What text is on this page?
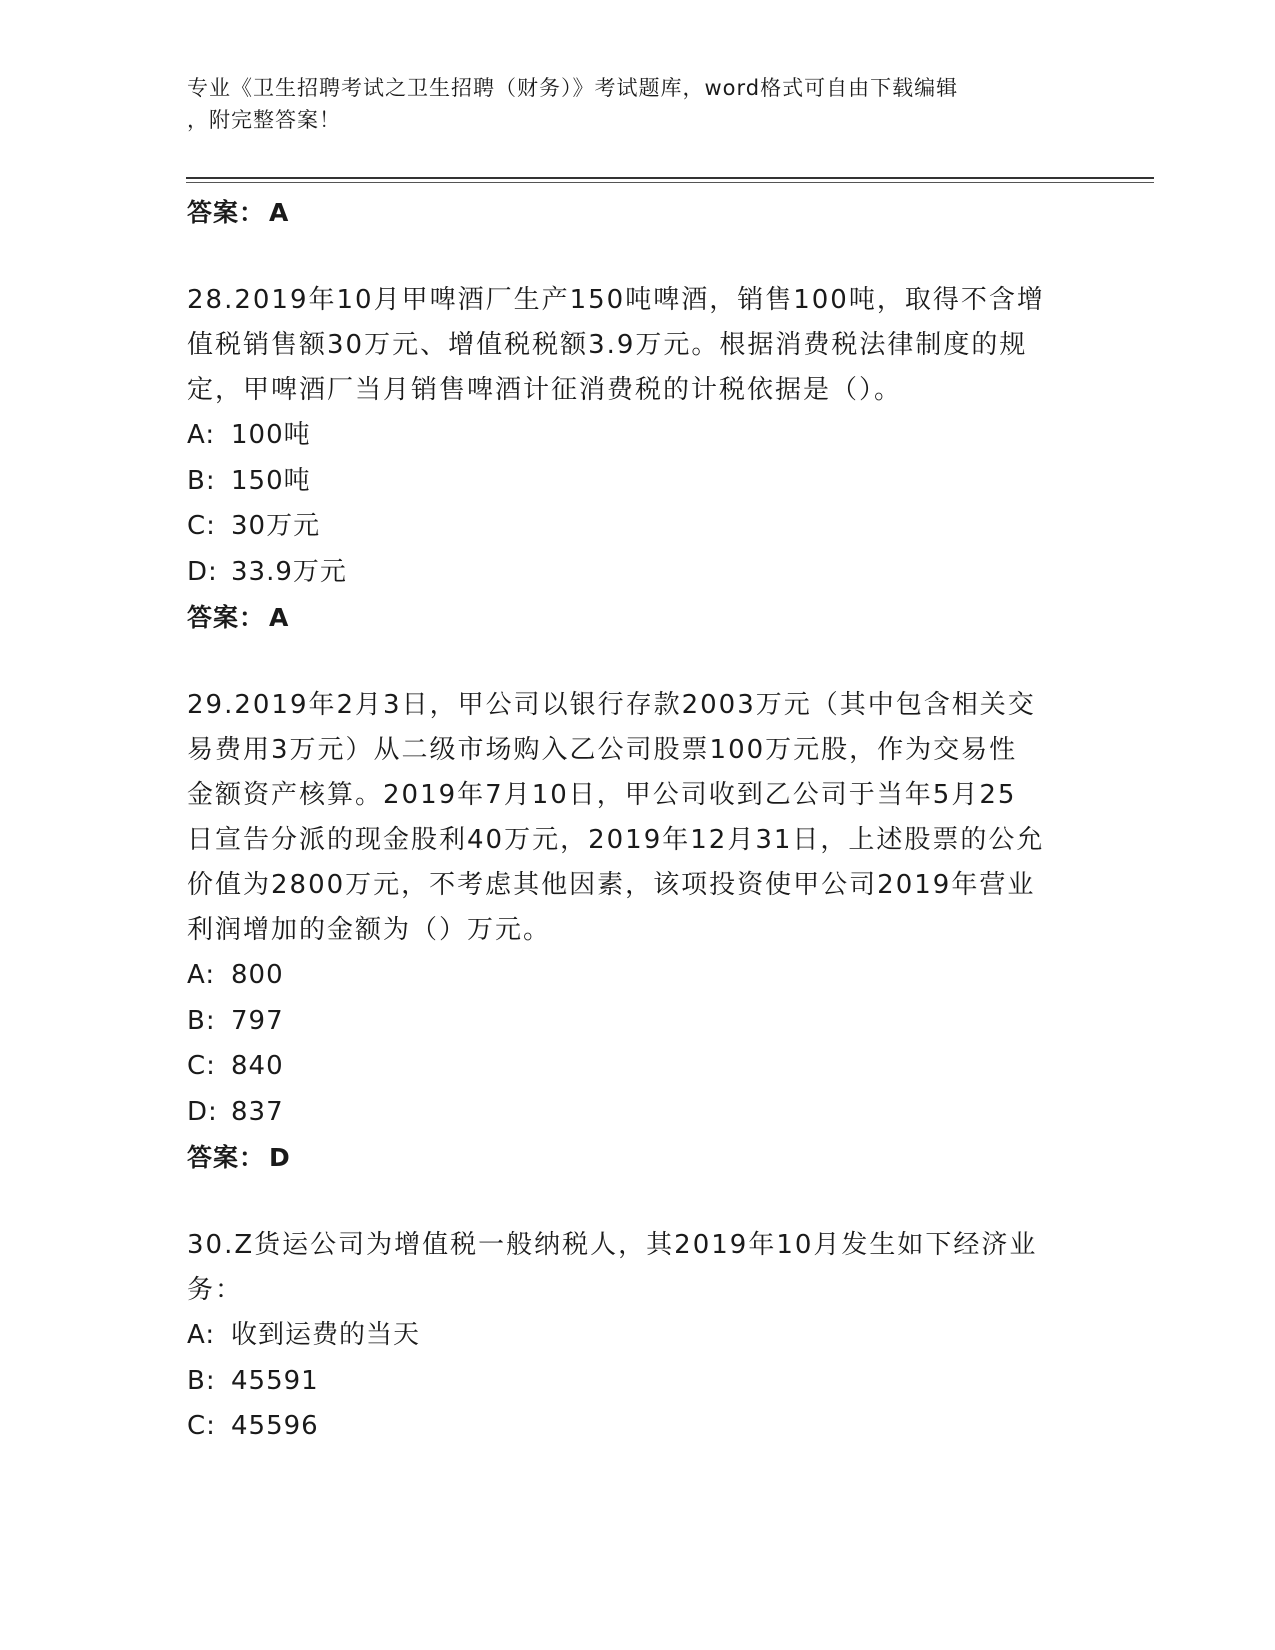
专业《卫生招聘考试之卫生招聘（财务）》考试题库，word格式可自由下载编辑
，附完整答案！
答案： A
28.2019年10月甲啤酒厂生产150吨啤酒，销售100吨，取得不含增
值税销售额30万元、增值税税额3.9万元。根据消费税法律制度的规
定，甲啤酒厂当月销售啤酒计征消费税的计税依据是（）。
A: 100吨
B: 150吨
C: 30万元
D: 33.9万元
答案： A
29.2019年2月3日，甲公司以银行存款2003万元（其中包含相关交
易费用3万元）从二级市场购入乙公司股票100万元股，作为交易性
金额资产核算。2019年7月10日，甲公司收到乙公司于当年5月25
日宣告分派的现金股利40万元，2019年12月31日，上述股票的公允
价值为2800万元，不考虑其他因素，该项投资使甲公司2019年营业
利润增加的金额为（）万元。
A: 800
B: 797
C: 840
D: 837
答案： D
30.Z货运公司为增值税一般纳税人，其2019年10月发生如下经济业
务：
A: 收到运费的当天
B: 45591
C: 45596
